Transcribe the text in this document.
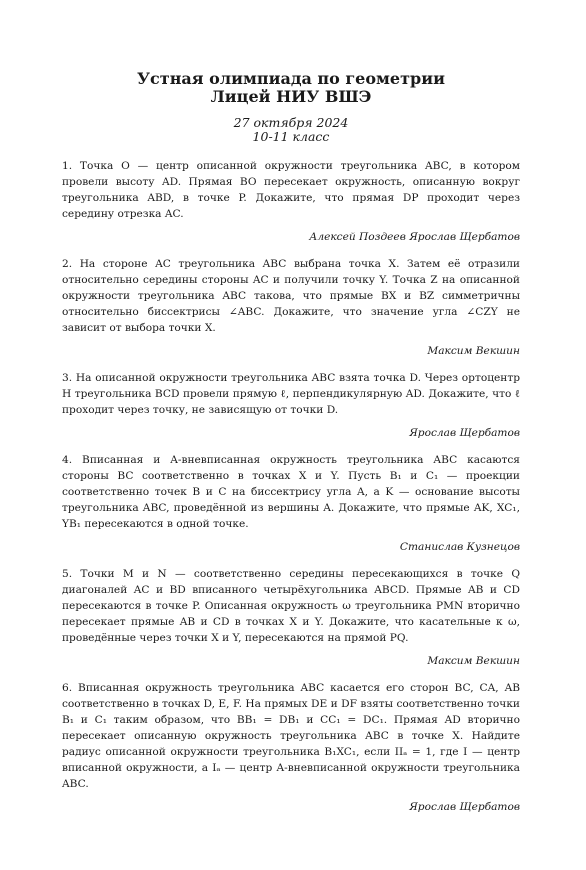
Устная олимпиада по геометрии
Лицей НИУ ВШЭ
27 октября 2024
10-11 класс
1. Точка O — центр описанной окружности треугольника ABC, в котором провели высоту AD. Прямая BO пересекает окружность, описанную вокруг треугольника ABD, в точке P. Докажите, что прямая DP проходит через середину отрезка AC.
Алексей Поздеев Ярослав Щербатов
2. На стороне AC треугольника ABC выбрана точка X. Затем её отразили относительно середины стороны AC и получили точку Y. Точка Z на описанной окружности треугольника ABC такова, что прямые BX и BZ симметричны относительно биссектрисы ∠ABC. Докажите, что значение угла ∠CZY не зависит от выбора точки X.
Максим Векшин
3. На описанной окружности треугольника ABC взята точка D. Через ортоцентр H треугольника BCD провели прямую ℓ, перпендикулярную AD. Докажите, что ℓ проходит через точку, не зависящую от точки D.
Ярослав Щербатов
4. Вписанная и A-вневписанная окружность треугольника ABC касаются стороны BC соответственно в точках X и Y. Пусть B₁ и C₁ — проекции соответственно точек B и C на биссектрису угла A, а K — основание высоты треугольника ABC, проведённой из вершины A. Докажите, что прямые AK, XC₁, YB₁ пересекаются в одной точке.
Станислав Кузнецов
5. Точки M и N — соответственно середины пересекающихся в точке Q диагоналей AC и BD вписанного четырёхугольника ABCD. Прямые AB и CD пересекаются в точке P. Описанная окружность ω треугольника PMN вторично пересекает прямые AB и CD в точках X и Y. Докажите, что касательные к ω, проведённые через точки X и Y, пересекаются на прямой PQ.
Максим Векшин
6. Вписанная окружность треугольника ABC касается его сторон BC, CA, AB соответственно в точках D, E, F. На прямых DE и DF взяты соответственно точки B₁ и C₁ таким образом, что BB₁ = DB₁ и CC₁ = DC₁. Прямая AD вторично пересекает описанную окружность треугольника ABC в точке X. Найдите радиус описанной окружности треугольника B₁XC₁, если IIₐ = 1, где I — центр вписанной окружности, а Iₐ — центр A-вневписанной окружности треугольника ABC.
Ярослав Щербатов
